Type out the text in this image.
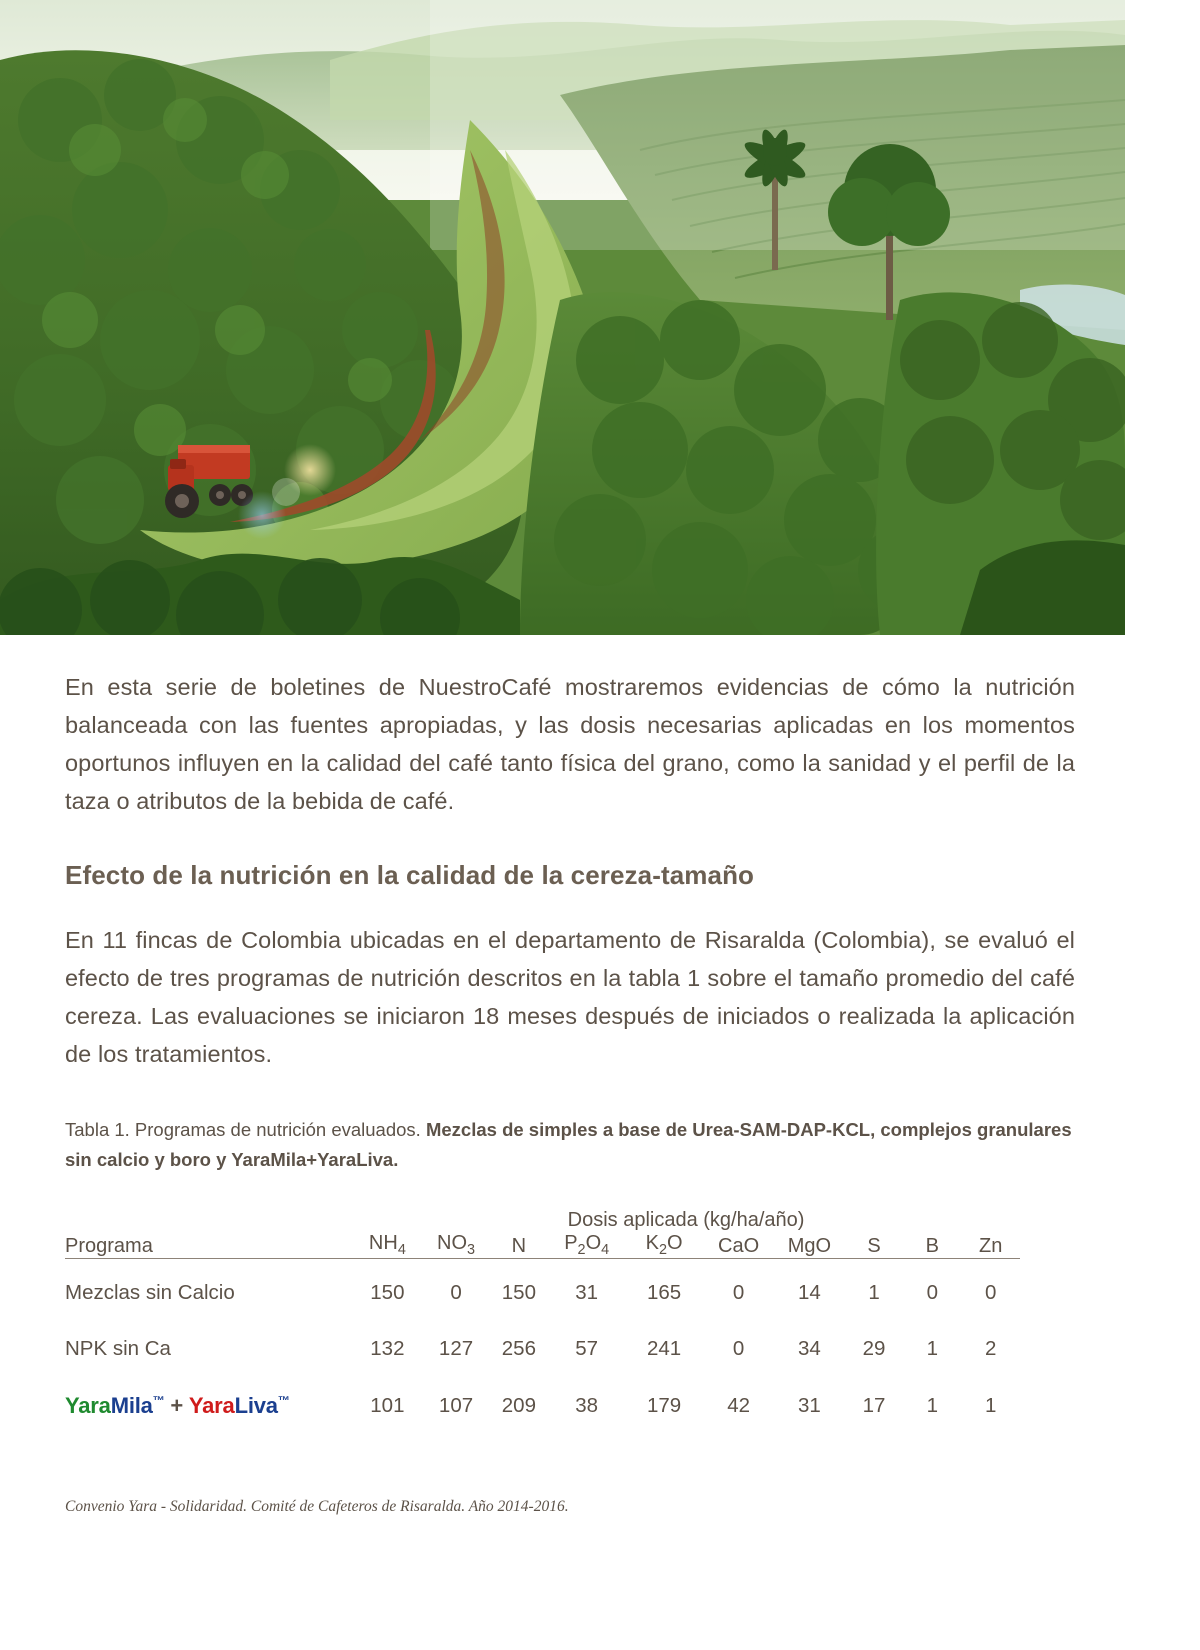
En esta serie de boletines de NuestroCafé mostraremos evidencias de cómo la nutrición balanceada con las fuentes apropiadas, y las dosis necesarias aplicadas en los momentos oportunos influyen en la calidad del café tanto física del grano, como la sanidad y el perfil de la taza o atributos de la bebida de café.

Efecto de la nutrición en la calidad de la cereza-tamaño

En 11 fincas de Colombia ubicadas en el departamento de Risaralda (Colombia), se evaluó el efecto de tres programas de nutrición descritos en la tabla 1 sobre el tamaño promedio del café cereza. Las evaluaciones se iniciaron 18 meses después de iniciados o realizada la aplicación de los tratamientos.

Tabla 1. Programas de nutrición evaluados. Mezclas de simples a base de Urea-SAM-DAP-KCL, complejos granulares sin calcio y boro y YaraMila+YaraLiva.

	Dosis aplicada (kg/ha/año)									
Programa	$NH_4$	$NO_3$	N	$P_2O_4$	$K_2O$	CaO	MgO	S	B	Zn

Mezclas sin Calcio	150	0	150	31	165	0	14	1	0	0
NPK sin Ca	132	127	256	57	241	0	34	29	1	2
YaraMila™ + YaraLiva™	101	107	209	38	179	42	31	17	1	1
Convenio Yara - Solidaridad. Comité de Cafeteros de Risaralda. Año 2014-2016.
